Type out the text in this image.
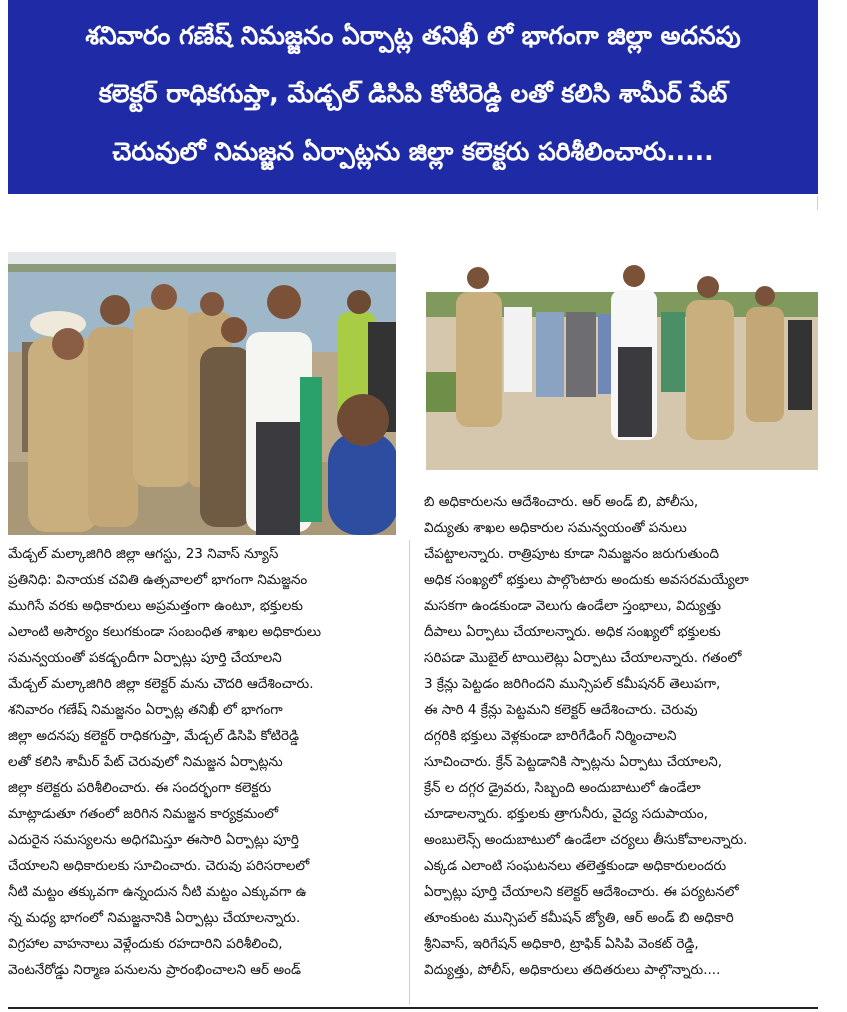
శనివారం గణేష్ నిమజ్జనం ఏర్పాట్ల తనిఖీ లో భాగంగా జిల్లా అదనపు
కలెక్టర్ రాధికగుప్తా, మేడ్చల్ డిసిపి కోటిరెడ్డి లతో కలిసి శామీర్ పేట్
చెరువులో నిమజ్జన ఏర్పాట్లను జిల్లా కలెక్టరు పరిశీలించారు.....
మేడ్చల్ మల్కాజిగిరి జిల్లా ఆగస్టు, 23 నివాస్ న్యూస్
ప్రతినిధి: వినాయక చవితి ఉత్సవాలలో భాగంగా నిమజ్జనం
ముగిసే వరకు అధికారులు అప్రమత్తంగా ఉంటూ, భక్తులకు
ఎలాంటి అసౌర్యం కలుగకుండా సంబంధిత శాఖల అధికారులు
సమన్వయంతో పకడ్బందీగా ఏర్పాట్లు పూర్తి చేయాలని
మేడ్చల్ మల్కాజిగిరి జిల్లా కలెక్టర్ మను చౌదరి ఆదేశించారు.
శనివారం గణేష్ నిమజ్జనం ఏర్పాట్ల తనిఖీ లో భాగంగా
జిల్లా అదనపు కలెక్టర్ రాధికగుప్తా, మేడ్చల్ డిసిపి కోటిరెడ్డి
లతో కలిసి శామీర్ పేట్ చెరువులో నిమజ్జన ఏర్పాట్లను
జిల్లా కలెక్టరు పరిశీలించారు. ఈ సందర్భంగా కలెక్టరు
మాట్లాడుతూ గతంలో జరిగిన నిమజ్జన కార్యక్రమంలో
ఎదురైన సమస్యలను అధిగమిస్తూ ఈసారి ఏర్పాట్లు పూర్తి
చేయాలని అధికారులకు సూచించారు. చెరువు పరిసరాలలో
నీటి మట్టం తక్కువగా ఉన్నందున నీటి మట్టం ఎక్కువగా ఉ
న్న మధ్య భాగంలో నిమజ్జనానికి ఏర్పాట్లు చేయాలన్నారు.
విగ్రహాల వాహనాలు వెళ్లేందుకు రహదారిని పరిశీలించి,
వెంటనేరోడ్డు నిర్మాణ పనులను ప్రారంభించాలని ఆర్ అండ్
బి అధికారులను ఆదేశించారు. ఆర్ అండ్ బి, పోలీసు,
విద్యుతు శాఖల అధికారుల సమన్వయంతో పనులు
చేపట్టాలన్నారు. రాత్రిపూట కూడా నిమజ్జనం జరుగుతుంది
అధిక సంఖ్యలో భక్తులు పాల్గొంటారు అందుకు అవసరమయ్యేలా
మసకగా ఉండకుండా వెలుగు ఉండేలా స్తంభాలు, విద్యుత్తు
దీపాలు ఏర్పాటు చేయాలన్నారు. అధిక సంఖ్యలో భక్తులకు
సరిపడా మొబైల్ టాయిలెట్లు ఏర్పాటు చేయాలన్నారు. గతంలో
3 క్రేన్లు పెట్టడం జరిగిందని మున్సిపల్ కమీషనర్ తెలుపగా,
ఈ సారి 4 క్రేన్లు పెట్టమని కలెక్టర్ ఆదేశించారు. చెరువు
దగ్గరికి భక్తులు వెళ్లకుండా బారిగేడింగ్ నిర్మించాలని
సూచించారు. క్రేన్ పెట్టడానికి స్పాట్లను ఏర్పాటు చేయాలని,
క్రేన్ ల దగ్గర డ్రైవరు, సిబ్బంది అందుబాటులో ఉండేలా
చూడాలన్నారు. భక్తులకు త్రాగునీరు, వైద్య సదుపాయం,
అంబులెన్స్ అందుబాటులో ఉండేలా చర్యలు తీసుకోవాలన్నారు.
ఎక్కడ ఎలాంటి సంఘటనలు తలెత్తకుండా అధికారులందరు
ఏర్పాట్లు పూర్తి చేయాలని కలెక్టర్ ఆదేశించారు. ఈ పర్యటనలో
తూంకుంట మున్సిపల్ కమీషన్ జ్యోతి, ఆర్ అండ్ బి అధికారి
శ్రీనివాస్, ఇరిగేషన్ అధికారి, ట్రాఫిక్ ఏసిపి వెంకట్ రెడ్డి,
విద్యుత్తు, పోలీస్, అధికారులు తదితరులు పాల్గొన్నారు....
